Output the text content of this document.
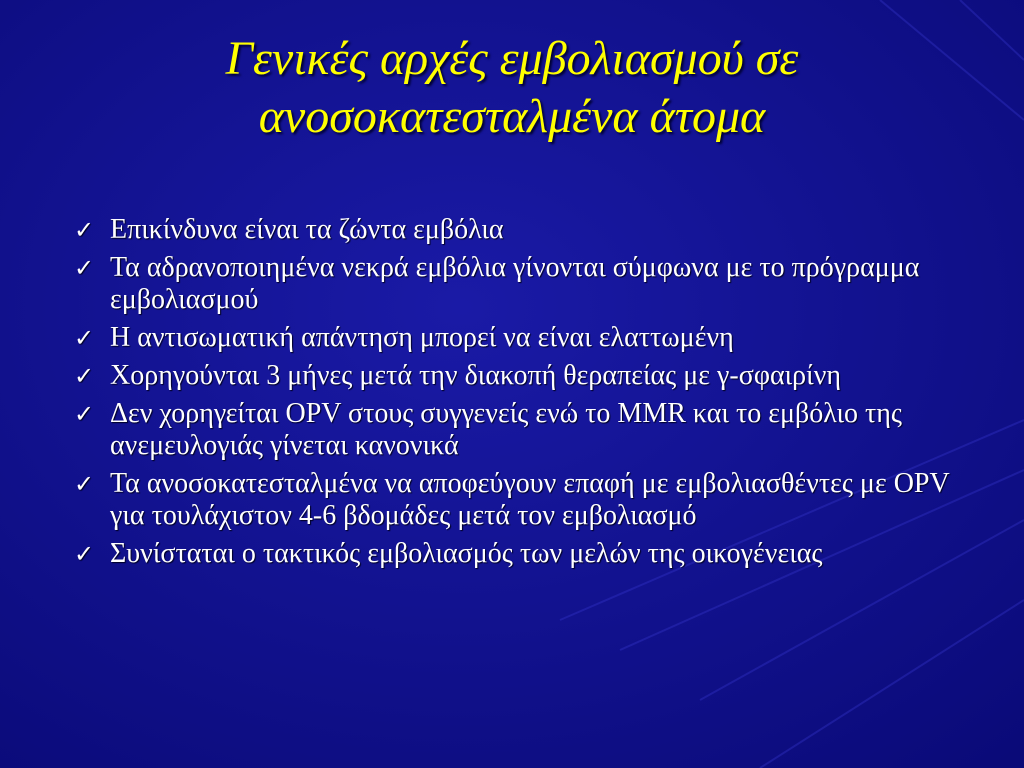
Γενικές αρχές εμβολιασμού σε ανοσοκατεσταλμένα άτομα
✓ Επικίνδυνα είναι τα ζώντα εμβόλια
✓ Τα αδρανοποιημένα νεκρά εμβόλια γίνονται σύμφωνα με το πρόγραμμα εμβολιασμού
✓ Η αντισωματική απάντηση μπορεί να είναι ελαττωμένη
✓ Χορηγούνται 3 μήνες μετά την διακοπή θεραπείας με γ-σφαιρίνη
✓ Δεν χορηγείται OPV στους συγγενείς ενώ το MMR και το εμβόλιο της ανεμευλογιάς γίνεται κανονικά
✓ Τα ανοσοκατεσταλμένα να αποφεύγουν επαφή με εμβολιασθέντες με OPV για τουλάχιστον 4-6 βδομάδες μετά τον εμβολιασμό
✓ Συνίσταται ο τακτικός εμβολιασμός των μελών της οικογένειας
